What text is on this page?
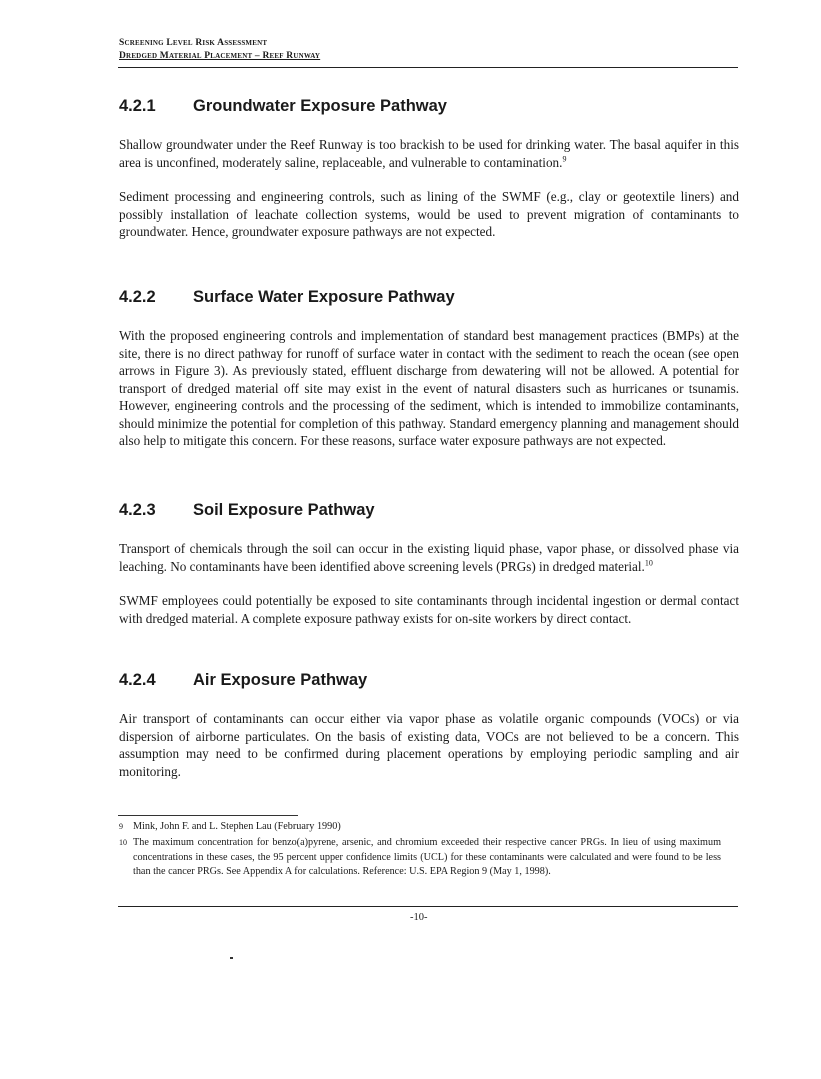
Screening Level Risk Assessment
Dredged Material Placement – Reef Runway
4.2.1 Groundwater Exposure Pathway

Shallow groundwater under the Reef Runway is too brackish to be used for drinking water. The basal aquifer in this area is unconfined, moderately saline, replaceable, and vulnerable to contamination.$^9$

Sediment processing and engineering controls, such as lining of the SWMF (e.g., clay or geotextile liners) and possibly installation of leachate collection systems, would be used to prevent migration of contaminants to groundwater. Hence, groundwater exposure pathways are not expected.

4.2.2 Surface Water Exposure Pathway

With the proposed engineering controls and implementation of standard best management practices (BMPs) at the site, there is no direct pathway for runoff of surface water in contact with the sediment to reach the ocean (see open arrows in Figure 3). As previously stated, effluent discharge from dewatering will not be allowed. A potential for transport of dredged material off site may exist in the event of natural disasters such as hurricanes or tsunamis. However, engineering controls and the processing of the sediment, which is intended to immobilize contaminants, should minimize the potential for completion of this pathway. Standard emergency planning and management should also help to mitigate this concern. For these reasons, surface water exposure pathways are not expected.

4.2.3 Soil Exposure Pathway

Transport of chemicals through the soil can occur in the existing liquid phase, vapor phase, or dissolved phase via leaching. No contaminants have been identified above screening levels (PRGs) in dredged material.$^{10}$

SWMF employees could potentially be exposed to site contaminants through incidental ingestion or dermal contact with dredged material. A complete exposure pathway exists for on-site workers by direct contact.

4.2.4 Air Exposure Pathway

Air transport of contaminants can occur either via vapor phase as volatile organic compounds (VOCs) or via dispersion of airborne particulates. On the basis of existing data, VOCs are not believed to be a concern. This assumption may need to be confirmed during placement operations by employing periodic sampling and air monitoring.

9 Mink, John F. and L. Stephen Lau (February 1990)
10 The maximum concentration for benzo(a)pyrene, arsenic, and chromium exceeded their respective cancer PRGs. In lieu of using maximum concentrations in these cases, the 95 percent upper confidence limits (UCL) for these contaminants were calculated and were found to be less than the cancer PRGs. See Appendix A for calculations. Reference: U.S. EPA Region 9 (May 1, 1998).
-10-
